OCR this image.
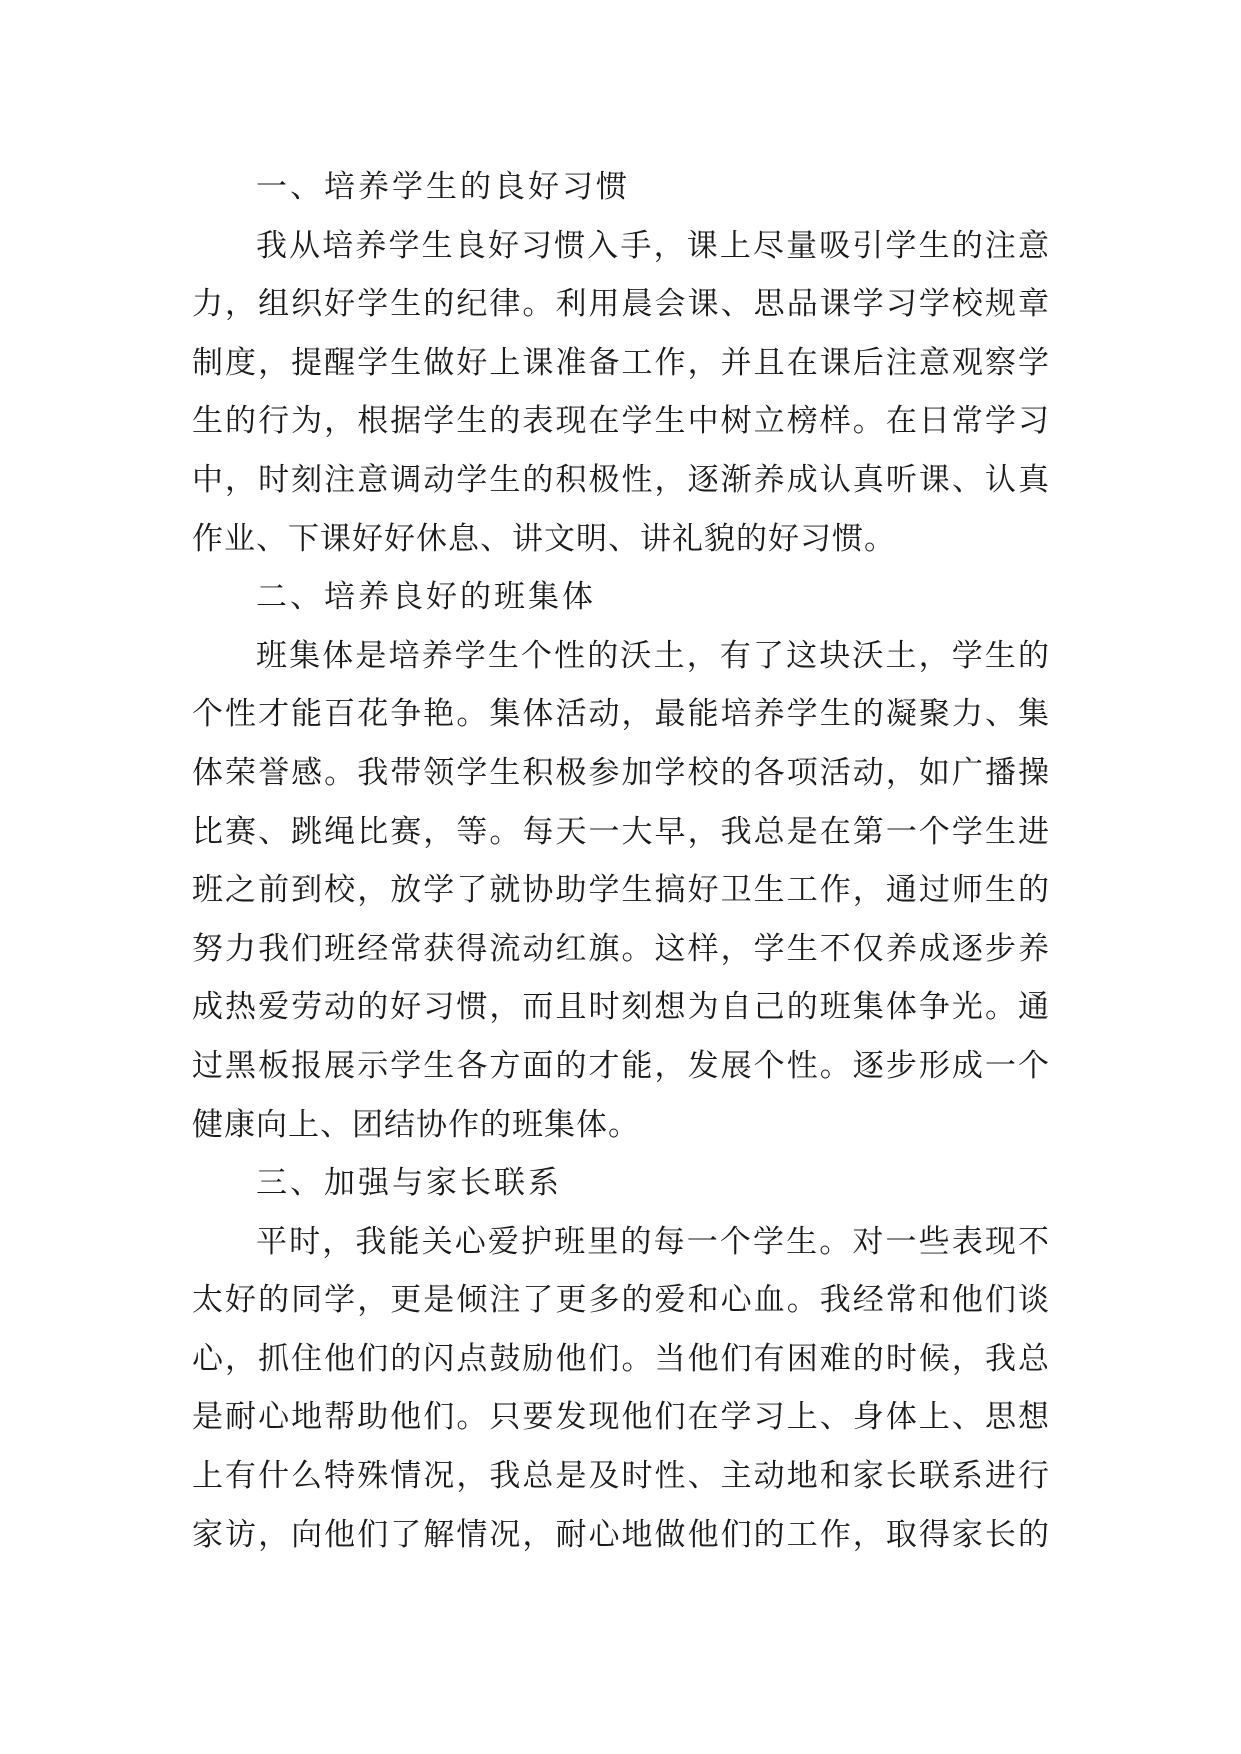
一、培养学生的良好习惯
我从培养学生良好习惯入手，课上尽量吸引学生的注意
力，组织好学生的纪律。利用晨会课、思品课学习学校规章
制度，提醒学生做好上课准备工作，并且在课后注意观察学
生的行为，根据学生的表现在学生中树立榜样。在日常学习
中，时刻注意调动学生的积极性，逐渐养成认真听课、认真
作业、下课好好休息、讲文明、讲礼貌的好习惯。
二、培养良好的班集体
班集体是培养学生个性的沃土，有了这块沃土，学生的
个性才能百花争艳。集体活动，最能培养学生的凝聚力、集
体荣誉感。我带领学生积极参加学校的各项活动，如广播操
比赛、跳绳比赛，等。每天一大早，我总是在第一个学生进
班之前到校，放学了就协助学生搞好卫生工作，通过师生的
努力我们班经常获得流动红旗。这样，学生不仅养成逐步养
成热爱劳动的好习惯，而且时刻想为自己的班集体争光。通
过黑板报展示学生各方面的才能，发展个性。逐步形成一个
健康向上、团结协作的班集体。
三、加强与家长联系
平时，我能关心爱护班里的每一个学生。对一些表现不
太好的同学，更是倾注了更多的爱和心血。我经常和他们谈
心，抓住他们的闪点鼓励他们。当他们有困难的时候，我总
是耐心地帮助他们。只要发现他们在学习上、身体上、思想
上有什么特殊情况，我总是及时性、主动地和家长联系进行
家访，向他们了解情况，耐心地做他们的工作，取得家长的
